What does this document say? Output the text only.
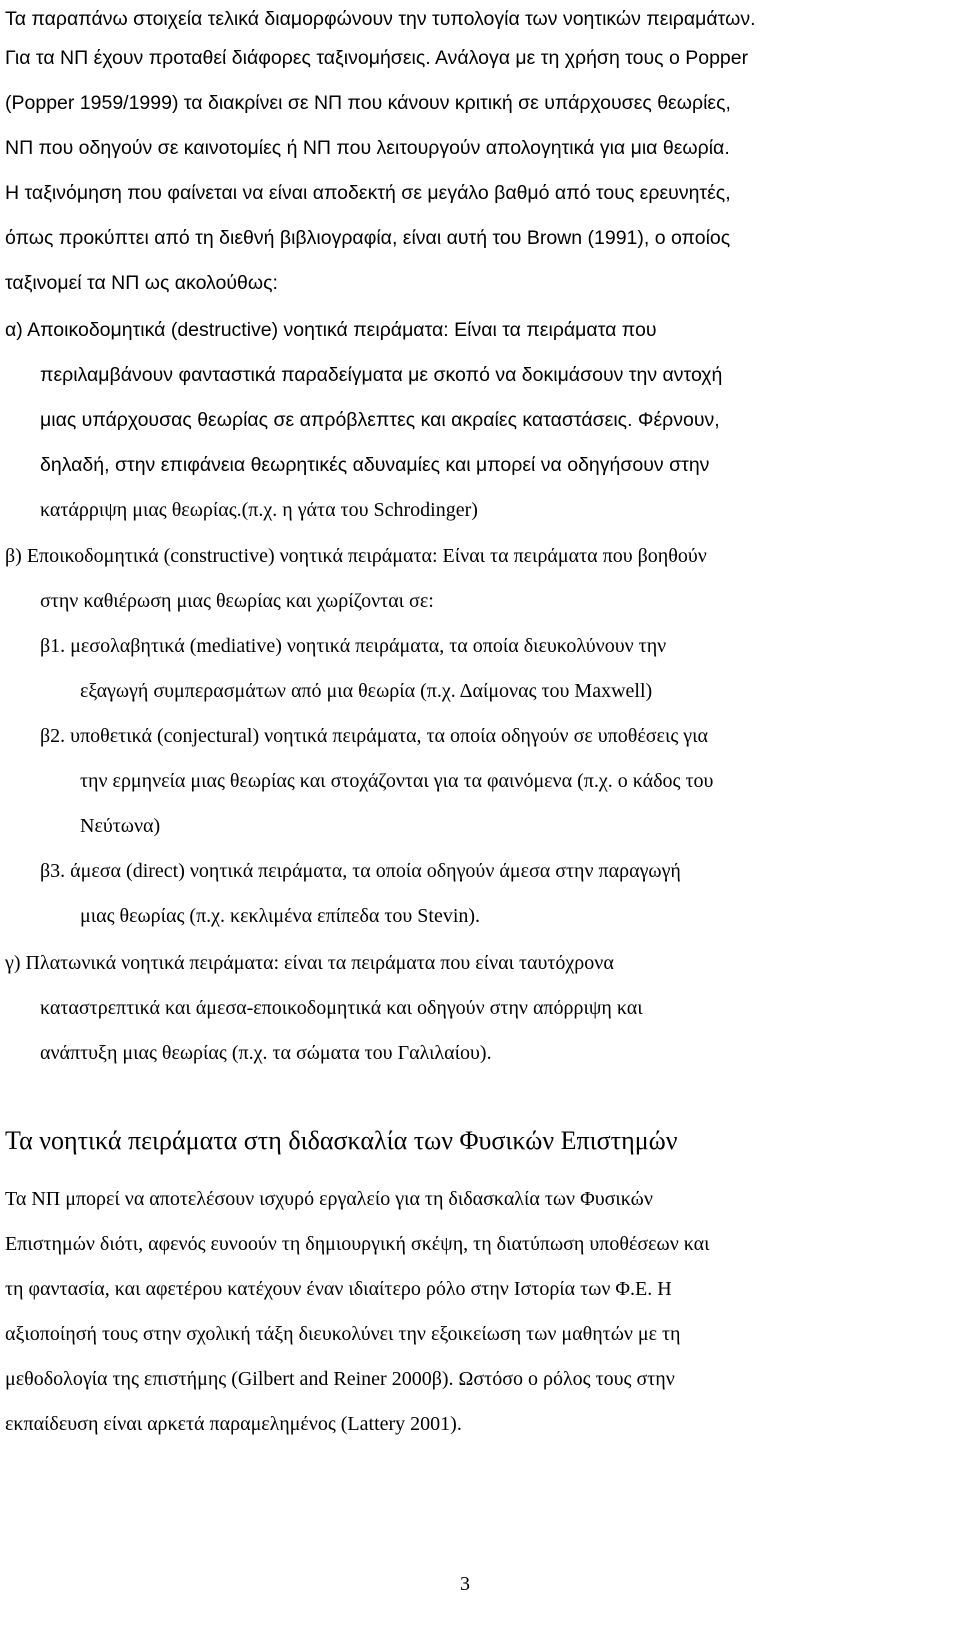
Τα παραπάνω στοιχεία τελικά διαμορφώνουν την τυπολογία των νοητικών πειραμάτων.
Για τα ΝΠ έχουν προταθεί διάφορες ταξινομήσεις. Ανάλογα με τη χρήση τους ο Popper
(Popper 1959/1999) τα διακρίνει σε ΝΠ που κάνουν κριτική σε υπάρχουσες θεωρίες,
ΝΠ που οδηγούν σε καινοτομίες ή ΝΠ που λειτουργούν απολογητικά για μια θεωρία.
Η ταξινόμηση που φαίνεται να είναι αποδεκτή σε μεγάλο βαθμό από τους ερευνητές,
όπως προκύπτει από τη διεθνή βιβλιογραφία, είναι αυτή του Brown (1991), ο οποίος
ταξινομεί τα ΝΠ ως ακολούθως:
α) Αποικοδομητικά (destructive) νοητικά πειράματα: Είναι τα πειράματα που
περιλαμβάνουν φανταστικά παραδείγματα με σκοπό να δοκιμάσουν την αντοχή
μιας υπάρχουσας θεωρίας σε απρόβλεπτες και ακραίες καταστάσεις. Φέρνουν,
δηλαδή, στην επιφάνεια θεωρητικές αδυναμίες και μπορεί να οδηγήσουν στην
κατάρριψη μιας θεωρίας.(π.χ. η γάτα του Schrodinger)
β) Εποικοδομητικά (constructive) νοητικά πειράματα: Είναι τα πειράματα που βοηθούν
στην καθιέρωση μιας θεωρίας και χωρίζονται σε:
β1. μεσολαβητικά (mediative) νοητικά πειράματα, τα οποία διευκολύνουν την
εξαγωγή συμπερασμάτων από μια θεωρία (π.χ. Δαίμονας του Maxwell)
β2. υποθετικά (conjectural) νοητικά πειράματα, τα οποία οδηγούν σε υποθέσεις για
την ερμηνεία μιας θεωρίας και στοχάζονται για τα φαινόμενα (π.χ. ο κάδος του
Νεύτωνα)
β3. άμεσα (direct) νοητικά πειράματα, τα οποία οδηγούν άμεσα στην παραγωγή
μιας θεωρίας (π.χ. κεκλιμένα επίπεδα του Stevin).
γ) Πλατωνικά νοητικά πειράματα: είναι τα πειράματα που είναι ταυτόχρονα
καταστρεπτικά και άμεσα-εποικοδομητικά και οδηγούν στην απόρριψη και
ανάπτυξη μιας θεωρίας (π.χ. τα σώματα του Γαλιλαίου).
Τα νοητικά πειράματα στη διδασκαλία των Φυσικών Επιστημών
Τα ΝΠ μπορεί να αποτελέσουν ισχυρό εργαλείο για τη διδασκαλία των Φυσικών
Επιστημών διότι, αφενός ευνοούν τη δημιουργική σκέψη, τη διατύπωση υποθέσεων και
τη φαντασία, και αφετέρου κατέχουν έναν ιδιαίτερο ρόλο στην Ιστορία των Φ.Ε. Η
αξιοποίησή τους στην σχολική τάξη διευκολύνει την εξοικείωση των μαθητών με τη
μεθοδολογία της επιστήμης (Gilbert and Reiner 2000β). Ωστόσο ο ρόλος τους στην
εκπαίδευση είναι αρκετά παραμελημένος (Lattery 2001).
3
